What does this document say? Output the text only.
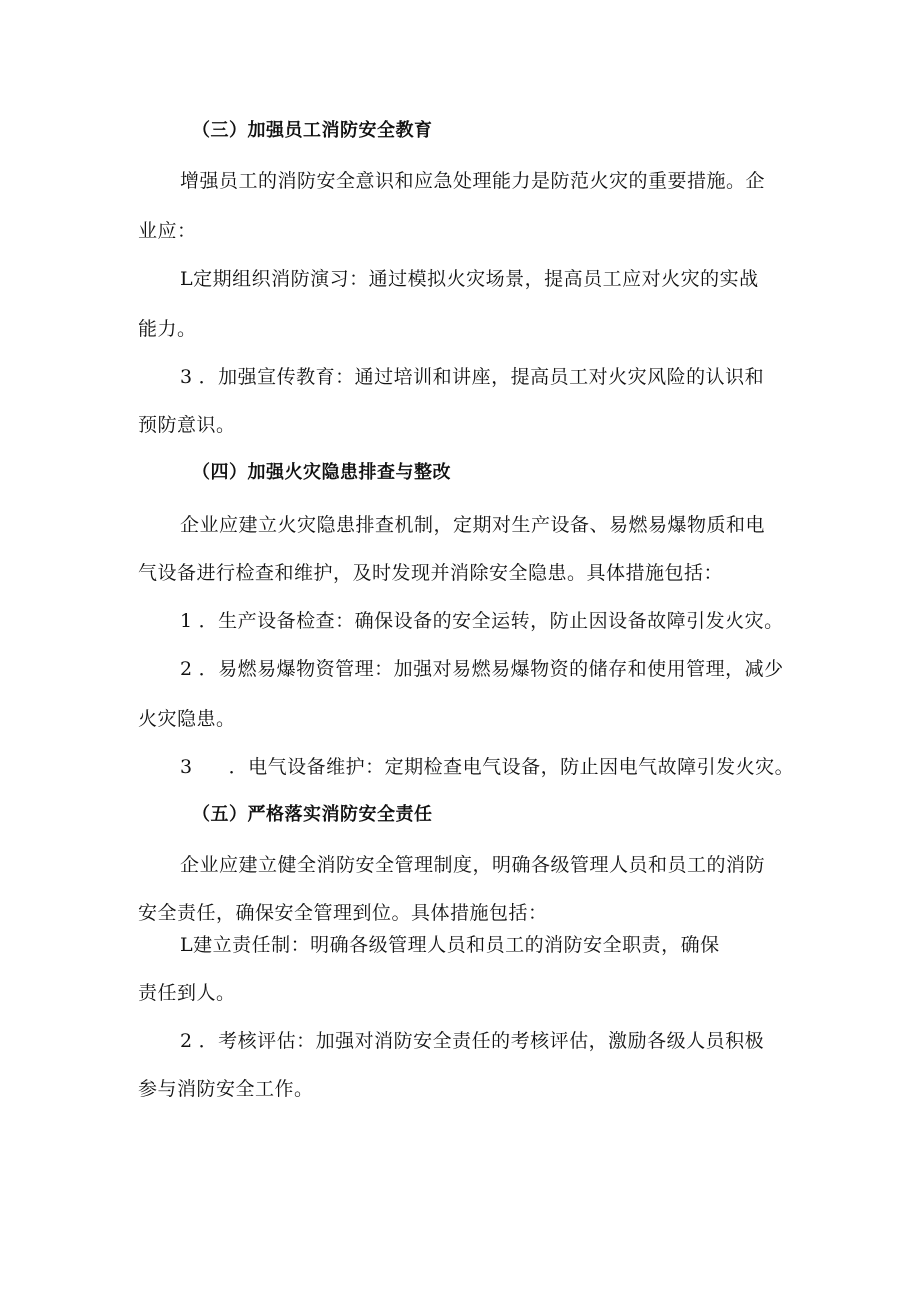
（三）加强员工消防安全教育
增强员工的消防安全意识和应急处理能力是防范火灾的重要措施。企
业应：
L定期组织消防演习：通过模拟火灾场景，提高员工应对火灾的实战
能力。
3 ．加强宣传教育：通过培训和讲座，提高员工对火灾风险的认识和
预防意识。
（四）加强火灾隐患排查与整改
企业应建立火灾隐患排查机制，定期对生产设备、易燃易爆物质和电
气设备进行检查和维护，及时发现并消除安全隐患。具体措施包括：
1 ．生产设备检查：确保设备的安全运转，防止因设备故障引发火灾。
2 ．易燃易爆物资管理：加强对易燃易爆物资的储存和使用管理，减少
火灾隐患。
3 ．电气设备维护：定期检查电气设备，防止因电气故障引发火灾。
（五）严格落实消防安全责任
企业应建立健全消防安全管理制度，明确各级管理人员和员工的消防
安全责任，确保安全管理到位。具体措施包括：
L建立责任制：明确各级管理人员和员工的消防安全职责，确保
责任到人。
2 ．考核评估：加强对消防安全责任的考核评估，激励各级人员积极
参与消防安全工作。
